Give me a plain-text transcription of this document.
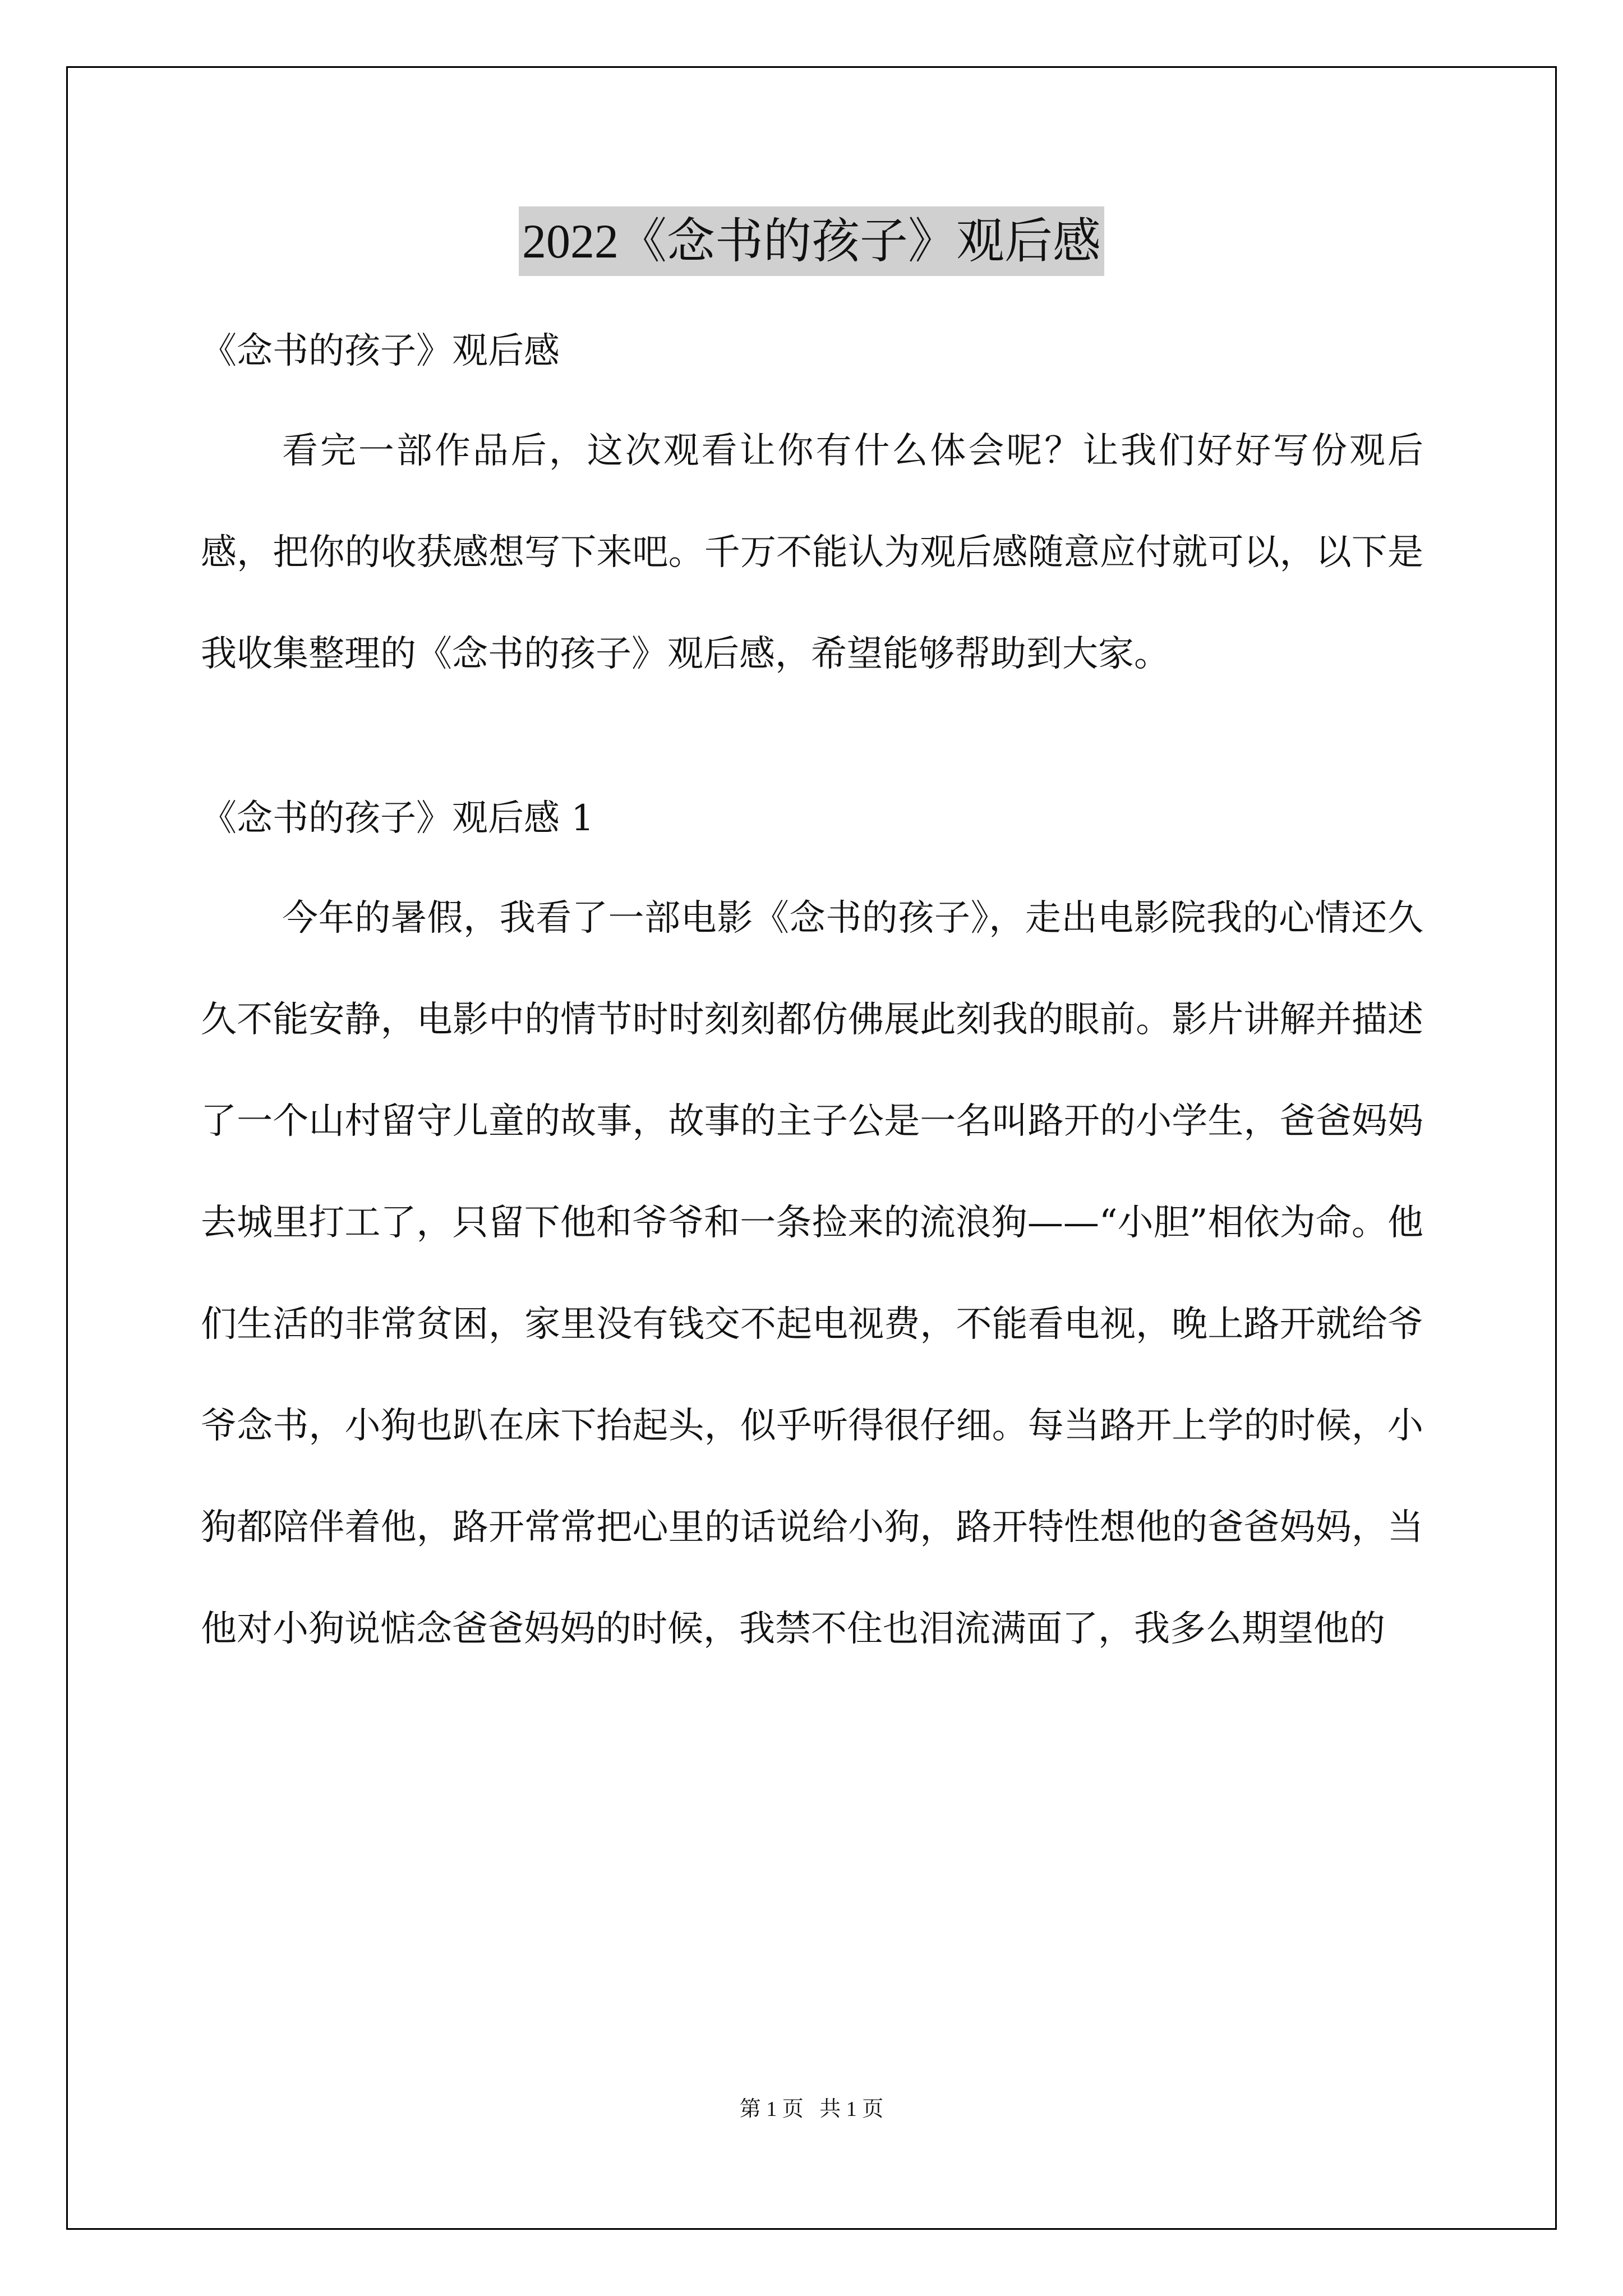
2022《念书的孩子》观后感

《念书的孩子》观后感

看完一部作品后，这次观看让你有什么体会呢？让我们好好写份观后感，把你的收获感想写下来吧。千万不能认为观后感随意应付就可以，以下是我收集整理的《念书的孩子》观后感，希望能够帮助到大家。

《念书的孩子》观后感 1

今年的暑假，我看了一部电影《念书的孩子》，走出电影院我的心情还久久不能安静，电影中的情节时时刻刻都仿佛展此刻我的眼前。影片讲解并描述了一个山村留守儿童的故事，故事的主子公是一名叫路开的小学生，爸爸妈妈去城里打工了，只留下他和爷爷和一条捡来的流浪狗——“小胆”相依为命。他们生活的非常贫困，家里没有钱交不起电视费，不能看电视，晚上路开就给爷爷念书，小狗也趴在床下抬起头，似乎听得很仔细。每当路开上学的时候，小狗都陪伴着他，路开常常把心里的话说给小狗，路开特性想他的爸爸妈妈，当他对小狗说惦念爸爸妈妈的时候，我禁不住也泪流满面了，我多么期望他的

第 1 页   共 1 页
